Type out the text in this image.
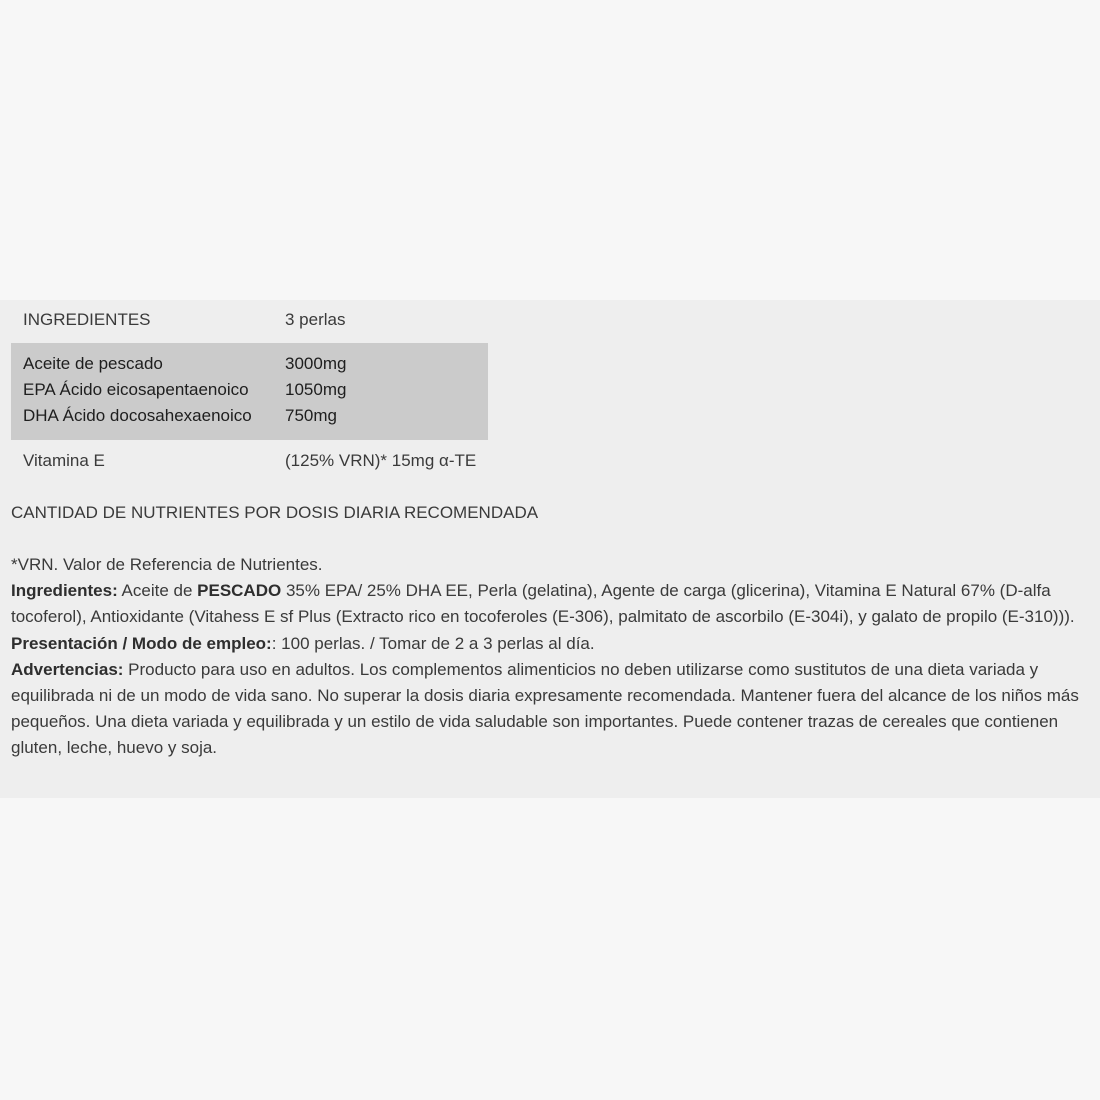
INGREDIENTES	3 perlas
Aceite de pescado	3000mg
EPA Ácido eicosapentaenoico 1050mg
DHA Ácido docosahexaenoico 750mg
Vitamina E	(125% VRN)* 15mg α-TE
CANTIDAD DE NUTRIENTES POR DOSIS DIARIA RECOMENDADA

*VRN. Valor de Referencia de Nutrientes.

Ingredientes: Aceite de PESCADO 35% EPA/ 25% DHA EE, Perla (gelatina), Agente de carga (glicerina), Vitamina E Natural 67% (D-alfa tocoferol), Antioxidante (Vitahess E sf Plus (Extracto rico en tocoferoles (E-306), palmitato de ascorbilo (E-304i), y galato de propilo (E-310))).

Presentación / Modo de empleo:: 100 perlas. / Tomar de 2 a 3 perlas al día.

Advertencias: Producto para uso en adultos. Los complementos alimenticios no deben utilizarse como sustitutos de una dieta variada y equilibrada ni de un modo de vida sano. No superar la dosis diaria expresamente recomendada. Mantener fuera del alcance de los niños más pequeños. Una dieta variada y equilibrada y un estilo de vida saludable son importantes. Puede contener trazas de cereales que contienen gluten, leche, huevo y soja.
